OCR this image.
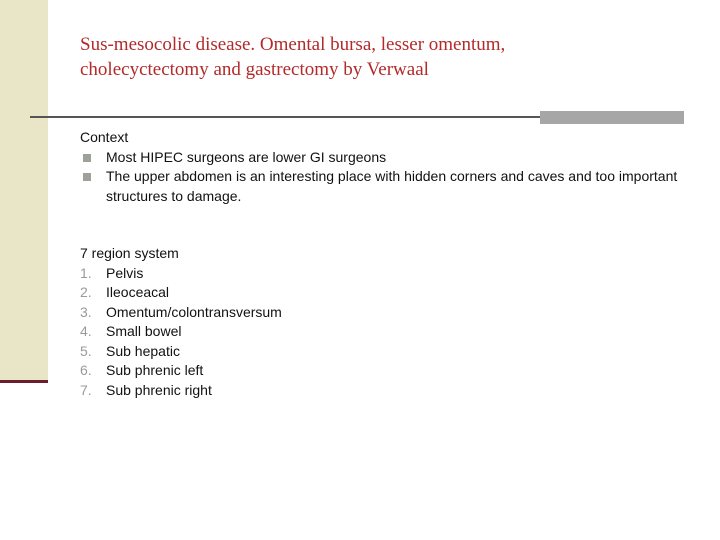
Sus-mesocolic disease. Omental bursa, lesser omentum,
cholecyctectomy and gastrectomy by Verwaal

Context

Most HIPEC surgeons are lower GI surgeons
The upper abdomen is an interesting place with hidden corners and caves and too important structures to damage.

7 region system

1. Pelvis
2. Ileoceacal
3. Omentum/colontransversum
4. Small bowel
5. Sub hepatic
6. Sub phrenic left
7. Sub phrenic right
